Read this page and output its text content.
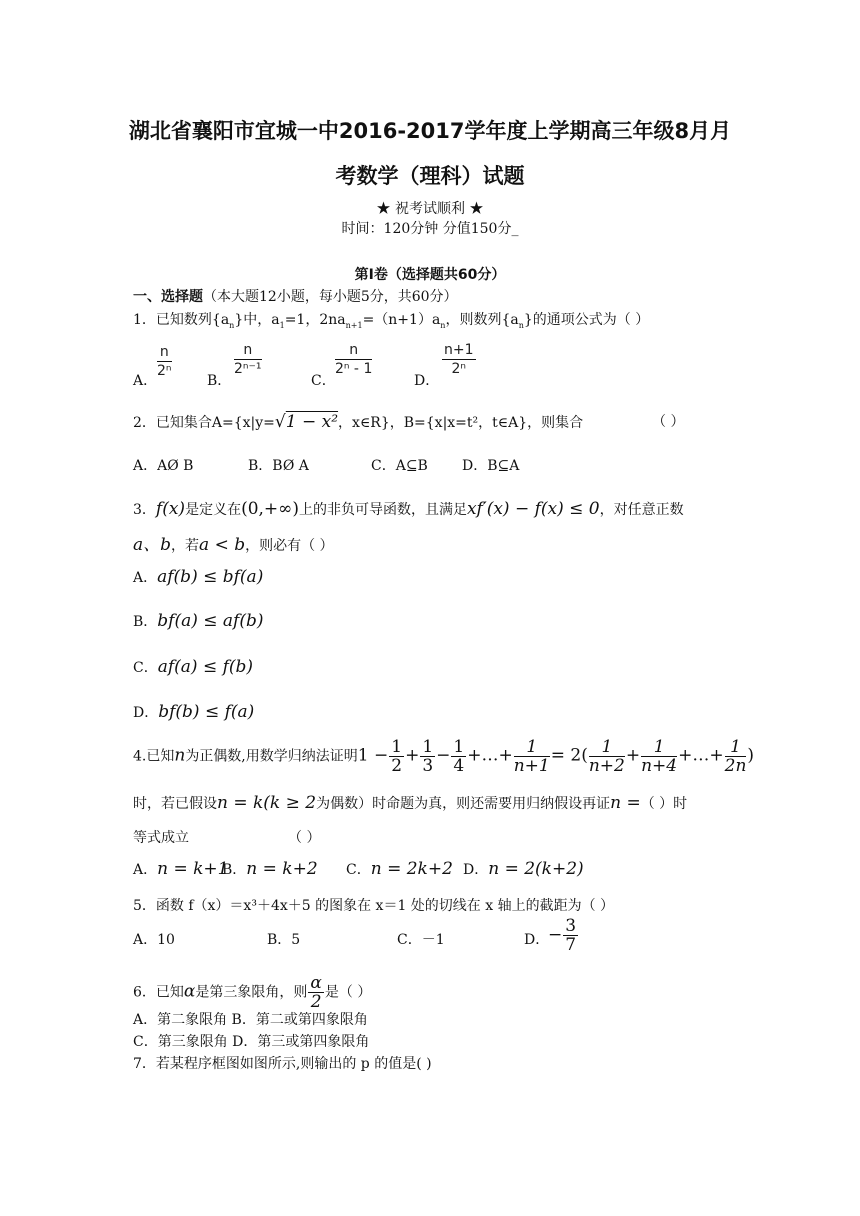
湖北省襄阳市宜城一中2016-2017学年度上学期高三年级8月月
考数学（理科）试题
★ 祝考试顺利 ★
时间：120分钟 分值150分_
第Ⅰ卷（选择题共60分）
一、选择题（本大题12小题，每小题5分，共60分）
1．已知数列$\{a_n\}$中，$a_1=1$，$2na_{n+1}=(n+1)a_n$，则数列$\{a_n\}$的通项公式为（ ）
A．
$\frac{n}{\text{2ⁿ}}$
B．
$\frac{n}{\text{2ⁿ⁻¹}}$
C．
$\frac{n}{\text{2ⁿ - 1}}$
D．
$\frac{n+1}{\text{2ⁿ}}$
2．已知集合A={x|y=√1 − x²，x∈R}，B={x|x=t²，t∈A}，则集合	（ ）
A．AØ B	B．BØ A	C．A⊆B D．B⊆A
3．f(x)是定义在(0,+∞)上的非负可导函数，且满足xf′(x) − f(x) ≤ 0，对任意正数
a、b，若a < b，则必有（ ）
A．af(b) ≤ bf(a)
B．bf(a) ≤ af(b)
C．af(a) ≤ f(b)
D．bf(b) ≤ f(a)
4.已知n为正偶数,用数学归纳法证明$1 - \frac{1}{2} + \frac{1}{3} - \frac{1}{4}$ +…+ $\frac{1}{n+1} = 2( \frac{1}{n+2} + \frac{1}{n+4}$ +…+ $\frac{1}{2n}$ )
时，若已假设n = k(k ≥ 2为偶数）时命题为真，则还需要用归纳假设再证n =（ ）时
等式成立	（ ）
A．n = k+1
B．n = k+2 C．n = 2k+2 D．n = 2(k+2)
5．函数 f（x）＝x³＋4x＋5 的图象在 x＝1 处的切线在 x 轴上的截距为（ ）
A．10	B．5	C．－1	D．
− $\frac{3}{7}$
6．已知α是第三象限角，则 $\frac{\alpha}{2}$ 是（ ）
A．第二象限角 B．第二或第四象限角
C．第三象限角 D．第三或第四象限角
7．若某程序框图如图所示,则输出的 p 的值是( )
